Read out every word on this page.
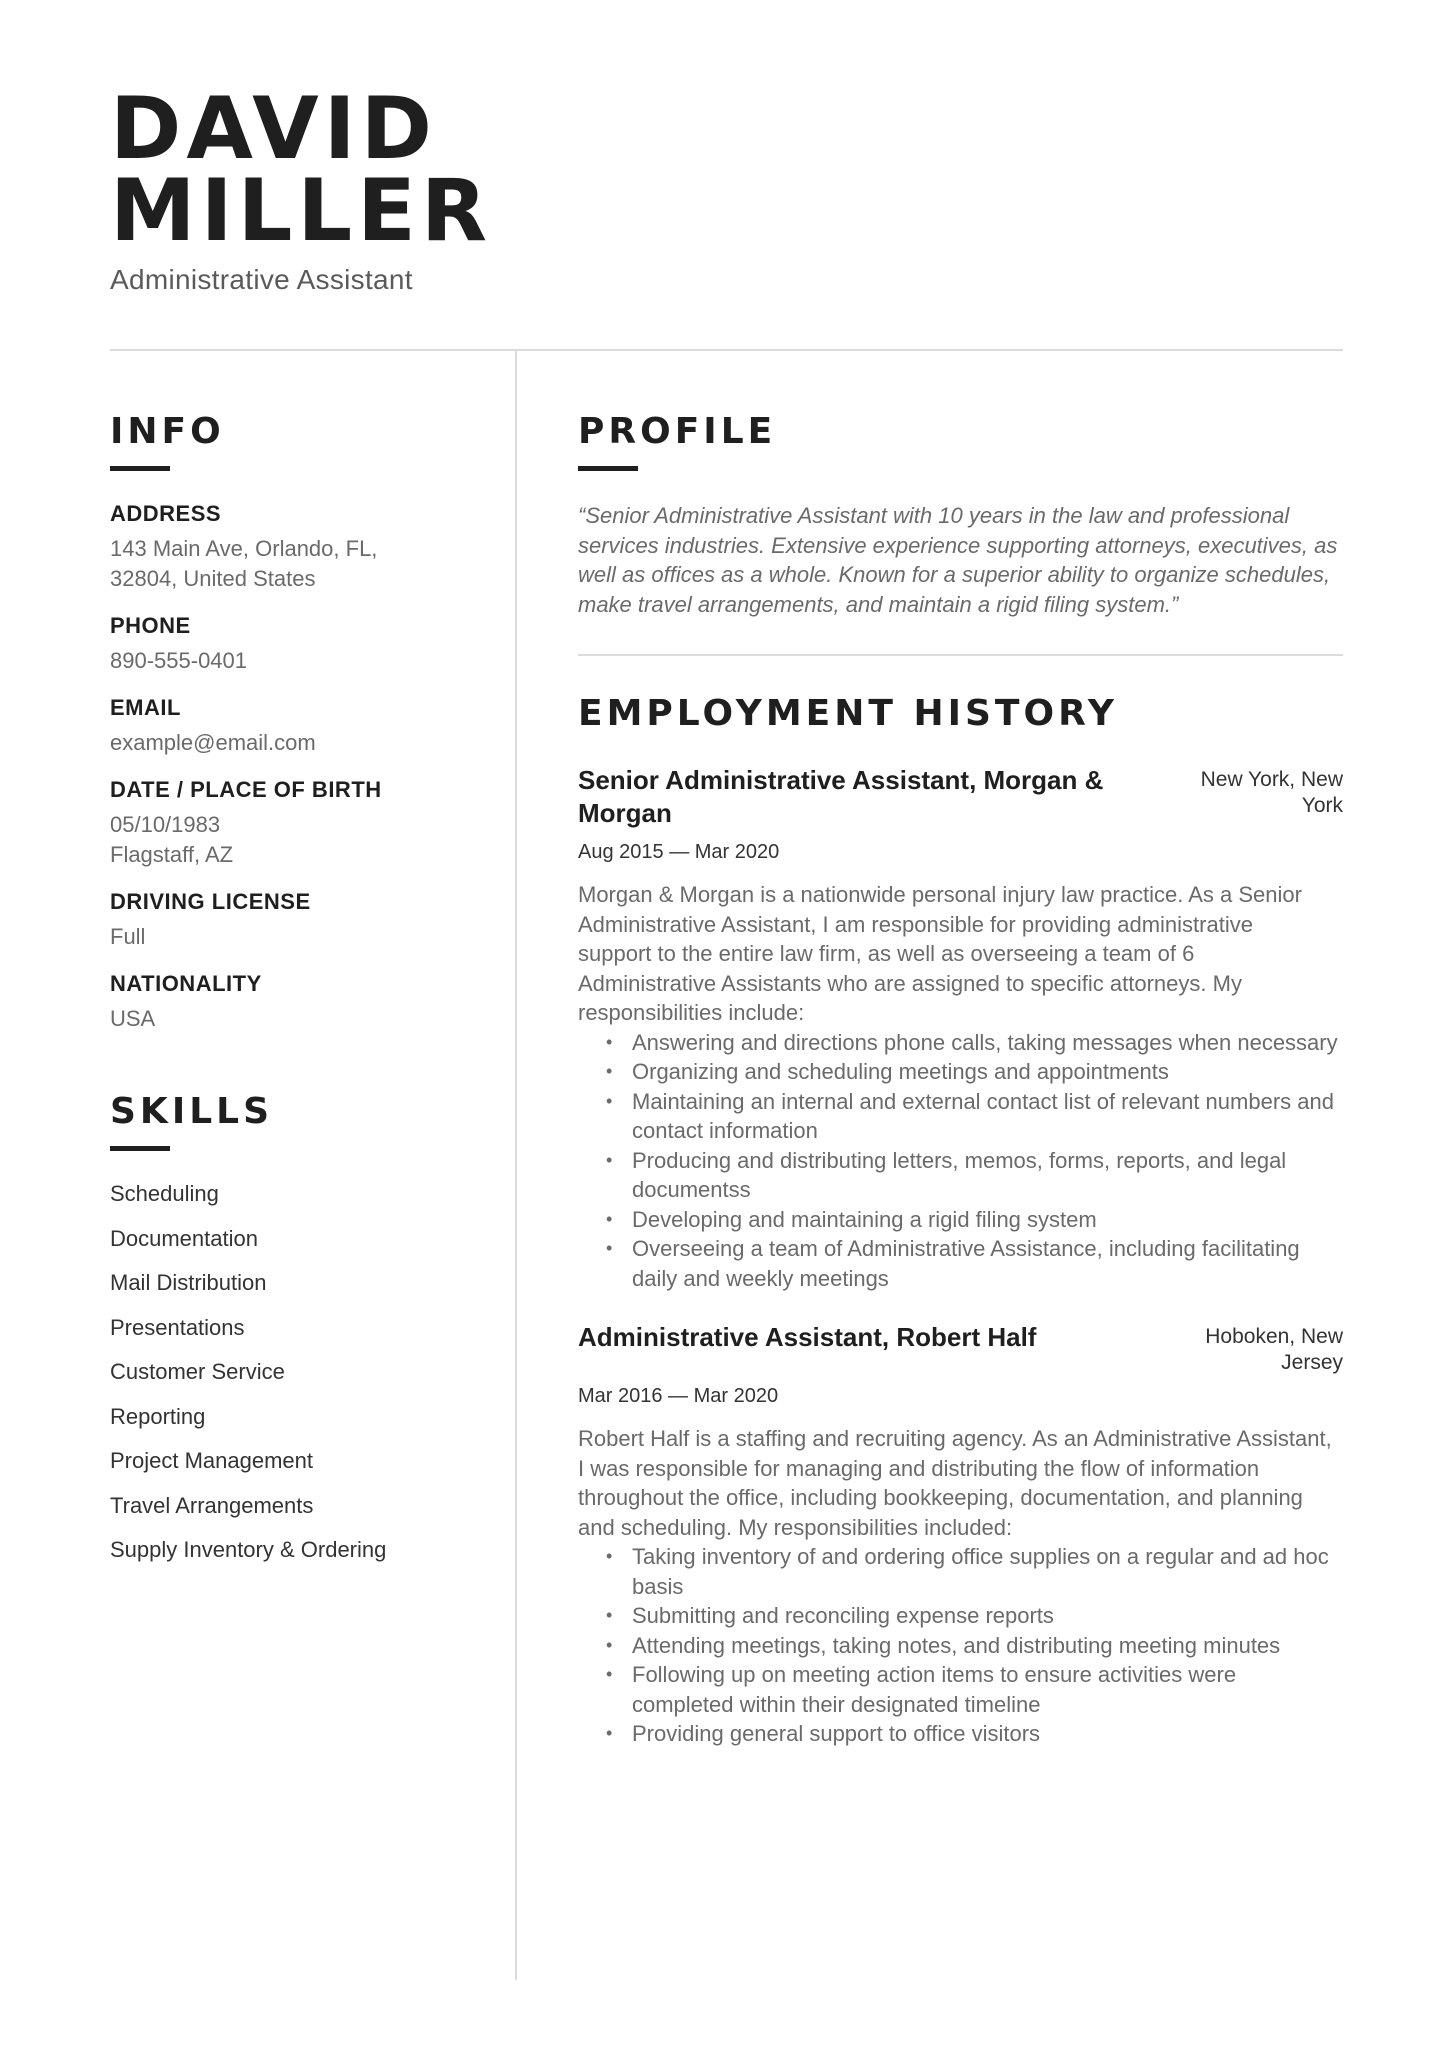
DAVID
MILLER
Administrative Assistant
INFO
ADDRESS
143 Main Ave, Orlando, FL, 32804, United States
PHONE
890-555-0401
EMAIL
example@email.com
DATE / PLACE OF BIRTH
05/10/1983
Flagstaff, AZ
DRIVING LICENSE
Full
NATIONALITY
USA
SKILLS
Scheduling
Documentation
Mail Distribution
Presentations
Customer Service
Reporting
Project Management
Travel Arrangements
Supply Inventory & Ordering
PROFILE
“Senior Administrative Assistant with 10 years in the law and professional services industries. Extensive experience supporting attorneys, executives, as well as offices as a whole. Known for a superior ability to organize schedules, make travel arrangements, and maintain a rigid filing system.”
EMPLOYMENT HISTORY
Senior Administrative Assistant, Morgan & Morgan
New York, New York
Aug 2015 — Mar 2020
Morgan & Morgan is a nationwide personal injury law practice. As a Senior Administrative Assistant, I am responsible for providing administrative support to the entire law firm, as well as overseeing a team of 6 Administrative Assistants who are assigned to specific attorneys. My responsibilities include:
• Answering and directions phone calls, taking messages when necessary
• Organizing and scheduling meetings and appointments
• Maintaining an internal and external contact list of relevant numbers and contact information
• Producing and distributing letters, memos, forms, reports, and legal documentss
• Developing and maintaining a rigid filing system
• Overseeing a team of Administrative Assistance, including facilitating daily and weekly meetings
Administrative Assistant, Robert Half	Hoboken, New Jersey
Mar 2016 — Mar 2020
Robert Half is a staffing and recruiting agency. As an Administrative Assistant, I was responsible for managing and distributing the flow of information throughout the office, including bookkeeping, documentation, and planning and scheduling. My responsibilities included:
• Taking inventory of and ordering office supplies on a regular and ad hoc basis
• Submitting and reconciling expense reports
• Attending meetings, taking notes, and distributing meeting minutes
• Following up on meeting action items to ensure activities were completed within their designated timeline
• Providing general support to office visitors
